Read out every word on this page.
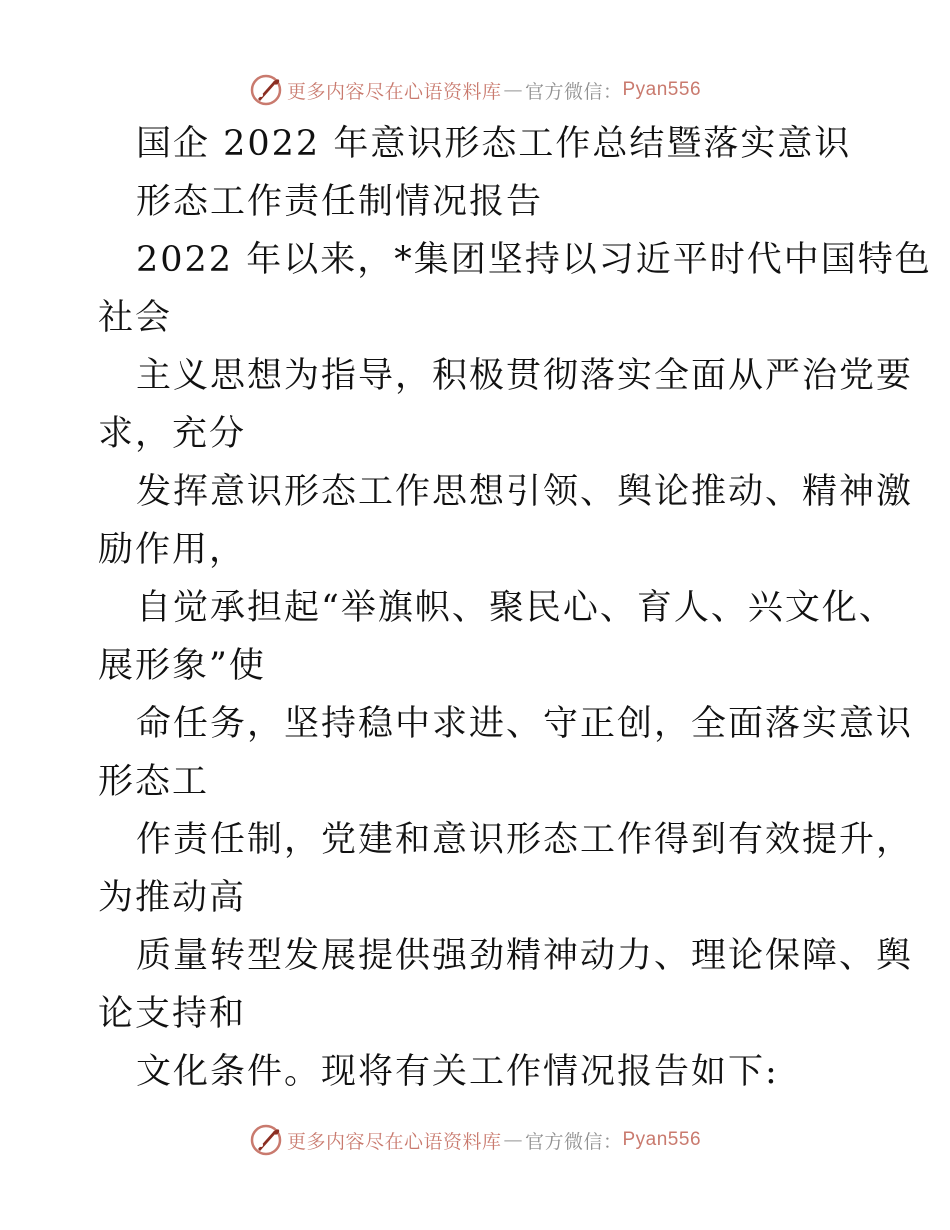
更多内容尽在心语资料库 — 官方微信： Pyan556
国企 2022 年意识形态工作总结暨落实意识
形态工作责任制情况报告
2022 年以来，*集团坚持以习近平时代中国特色
社会
主义思想为指导，积极贯彻落实全面从严治党要
求，充分
发挥意识形态工作思想引领、舆论推动、精神激
励作用，
自觉承担起“举旗帜、聚民心、育人、兴文化、
展形象”使
命任务，坚持稳中求进、守正创，全面落实意识
形态工
作责任制，党建和意识形态工作得到有效提升，
为推动高
质量转型发展提供强劲精神动力、理论保障、舆
论支持和
文化条件。现将有关工作情况报告如下:
更多内容尽在心语资料库 — 官方微信： Pyan556
